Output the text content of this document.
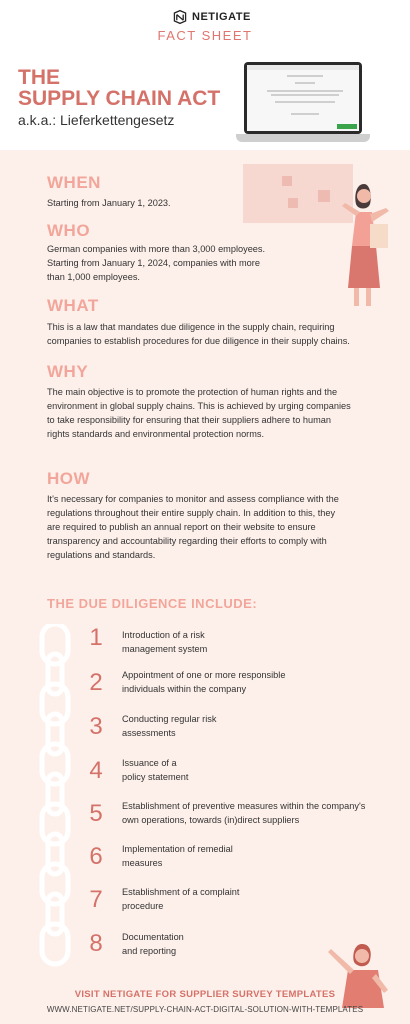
NETIGATE
FACT SHEET
THE
SUPPLY CHAIN ACT
a.k.a.: Lieferkettengesetz
WHEN
Starting from January 1, 2023.
WHO
German companies with more than 3,000 employees.
Starting from January 1, 2024, companies with more
than 1,000 employees.
WHAT
This is a law that mandates due diligence in the supply chain, requiring
companies to establish procedures for due diligence in their supply chains.
WHY
The main objective is to promote the protection of human rights and the
environment in global supply chains. This is achieved by urging companies
to take responsibility for ensuring that their suppliers adhere to human
rights standards and environmental protection norms.
HOW
It's necessary for companies to monitor and assess compliance with the
regulations throughout their entire supply chain. In addition to this, they
are required to publish an annual report on their website to ensure
transparency and accountability regarding their efforts to comply with
regulations and standards.
THE DUE DILIGENCE INCLUDE:
1	Introduction of a risk
management system
2	Appointment of one or more responsible
individuals within the company
3	Conducting regular risk
assessments
4	Issuance of a
policy statement
5	Establishment of preventive measures within the company's
own operations, towards (in)direct suppliers
6	Implementation of remedial
measures
7	Establishment of a complaint
procedure
8	Documentation
and reporting
VISIT NETIGATE FOR SUPPLIER SURVEY TEMPLATES
WWW.NETIGATE.NET/SUPPLY-CHAIN-ACT-DIGITAL-SOLUTION-WITH-TEMPLATES
